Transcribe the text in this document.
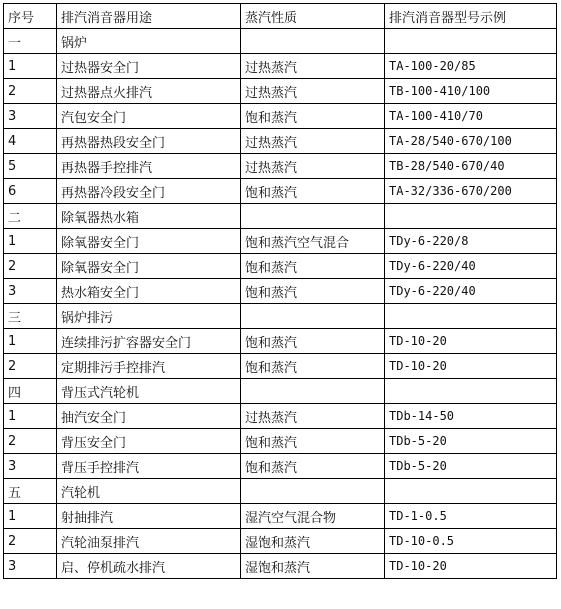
序号	排汽消音器用途	蒸汽性质	排汽消音器型号示例
一	锅炉		
1	过热器安全门	过热蒸汽	TA-100-20/85
2	过热器点火排汽	过热蒸汽	TB-100-410/100
3	汽包安全门	饱和蒸汽	TA-100-410/70
4	再热器热段安全门	过热蒸汽	TA-28/540-670/100
5	再热器手控排汽	过热蒸汽	TB-28/540-670/40
6	再热器冷段安全门	饱和蒸汽	TA-32/336-670/200
二	除氧器热水箱		
1	除氧器安全门	饱和蒸汽空气混合	TDy-6-220/8
2	除氧器安全门	饱和蒸汽	TDy-6-220/40
3	热水箱安全门	饱和蒸汽	TDy-6-220/40
三	锅炉排污		
1	连续排污扩容器安全门	饱和蒸汽	TD-10-20
2	定期排污手控排汽	饱和蒸汽	TD-10-20
四	背压式汽轮机		
1	抽汽安全门	过热蒸汽	TDb-14-50
2	背压安全门	饱和蒸汽	TDb-5-20
3	背压手控排汽	饱和蒸汽	TDb-5-20
五	汽轮机		
1	射抽排汽	湿汽空气混合物	TD-1-0.5
2	汽轮油泵排汽	湿饱和蒸汽	TD-10-0.5
3	启、停机疏水排汽	湿饱和蒸汽	TD-10-20
